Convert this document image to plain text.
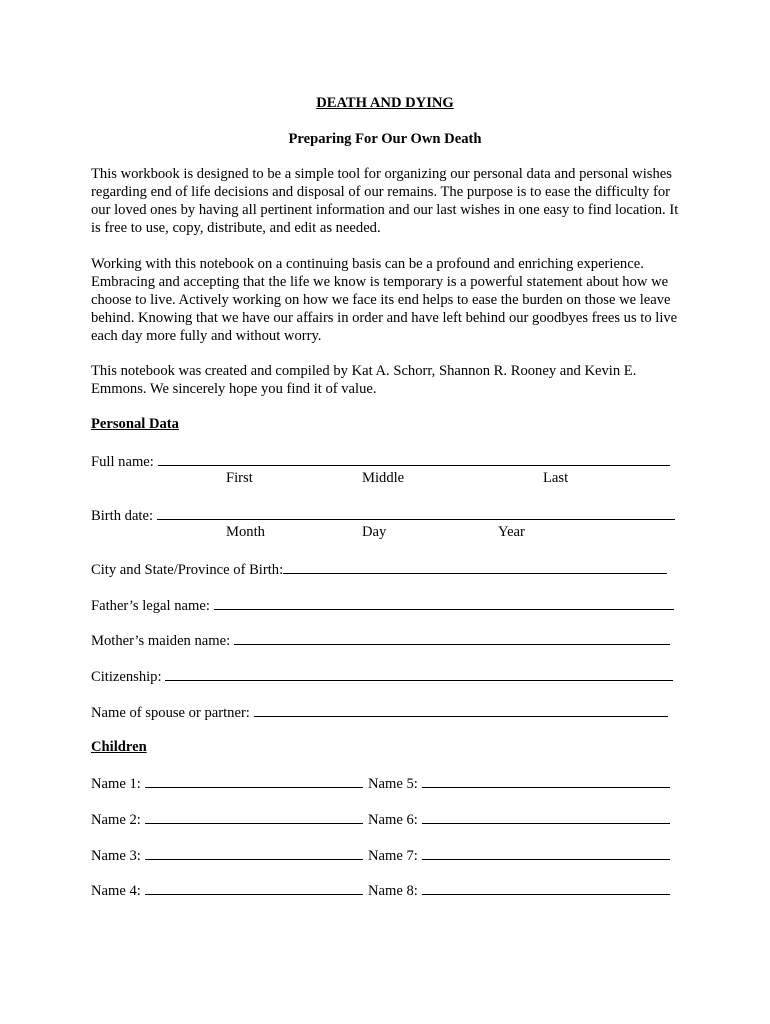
DEATH AND DYING
Preparing For Our Own Death
This workbook is designed to be a simple tool for organizing our personal data and personal wishes regarding end of life decisions and disposal of our remains. The purpose is to ease the difficulty for our loved ones by having all pertinent information and our last wishes in one easy to find location. It is free to use, copy, distribute, and edit as needed.
Working with this notebook on a continuing basis can be a profound and enriching experience. Embracing and accepting that the life we know is temporary is a powerful statement about how we choose to live. Actively working on how we face its end helps to ease the burden on those we leave behind. Knowing that we have our affairs in order and have left behind our goodbyes frees us to live each day more fully and without worry.
This notebook was created and compiled by Kat A. Schorr, Shannon R. Rooney and Kevin E. Emmons. We sincerely hope you find it of value.
Personal Data
Full name:
First	Middle	Last
Birth date:
Month	Day	Year
City and State/Province of Birth:
Father’s legal name:
Mother’s maiden name:
Citizenship:
Name of spouse or partner:
Children
Name 1:	Name 5:
Name 2:	Name 6:
Name 3:	Name 7:
Name 4:	Name 8:
